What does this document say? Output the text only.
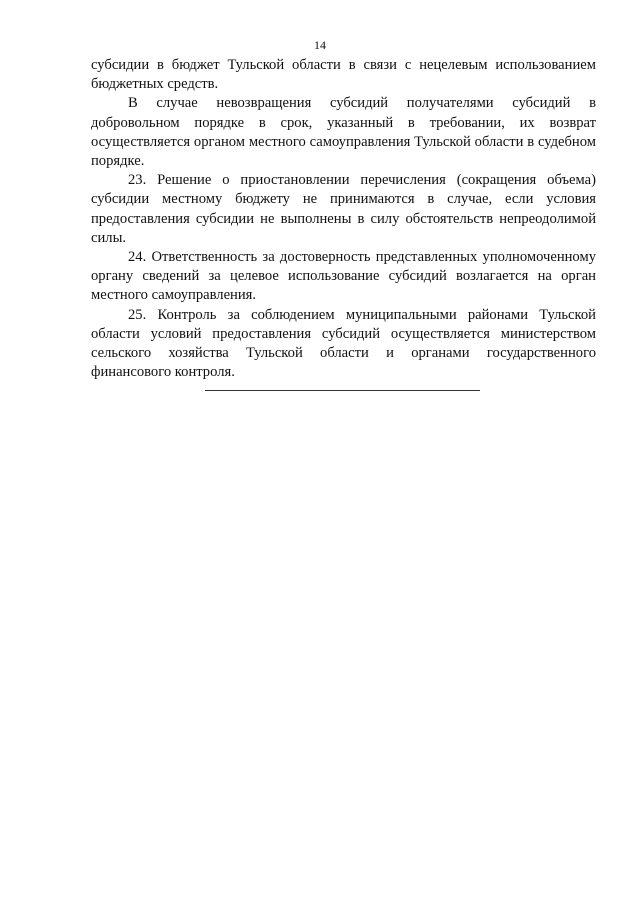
14

субсидии в бюджет Тульской области в связи с нецелевым использованием бюджетных средств.

В случае невозвращения субсидий получателями субсидий в добровольном порядке в срок, указанный в требовании, их возврат осуществляется органом местного самоуправления Тульской области в судебном порядке.

23. Решение о приостановлении перечисления (сокращения объема) субсидии местному бюджету не принимаются в случае, если условия предоставления субсидии не выполнены в силу обстоятельств непреодолимой силы.

24. Ответственность за достоверность представленных уполномоченному органу сведений за целевое использование субсидий возлагается на орган местного самоуправления.

25. Контроль за соблюдением муниципальными районами Тульской области условий предоставления субсидий осуществляется министерством сельского хозяйства Тульской области и органами государственного финансового контроля.
